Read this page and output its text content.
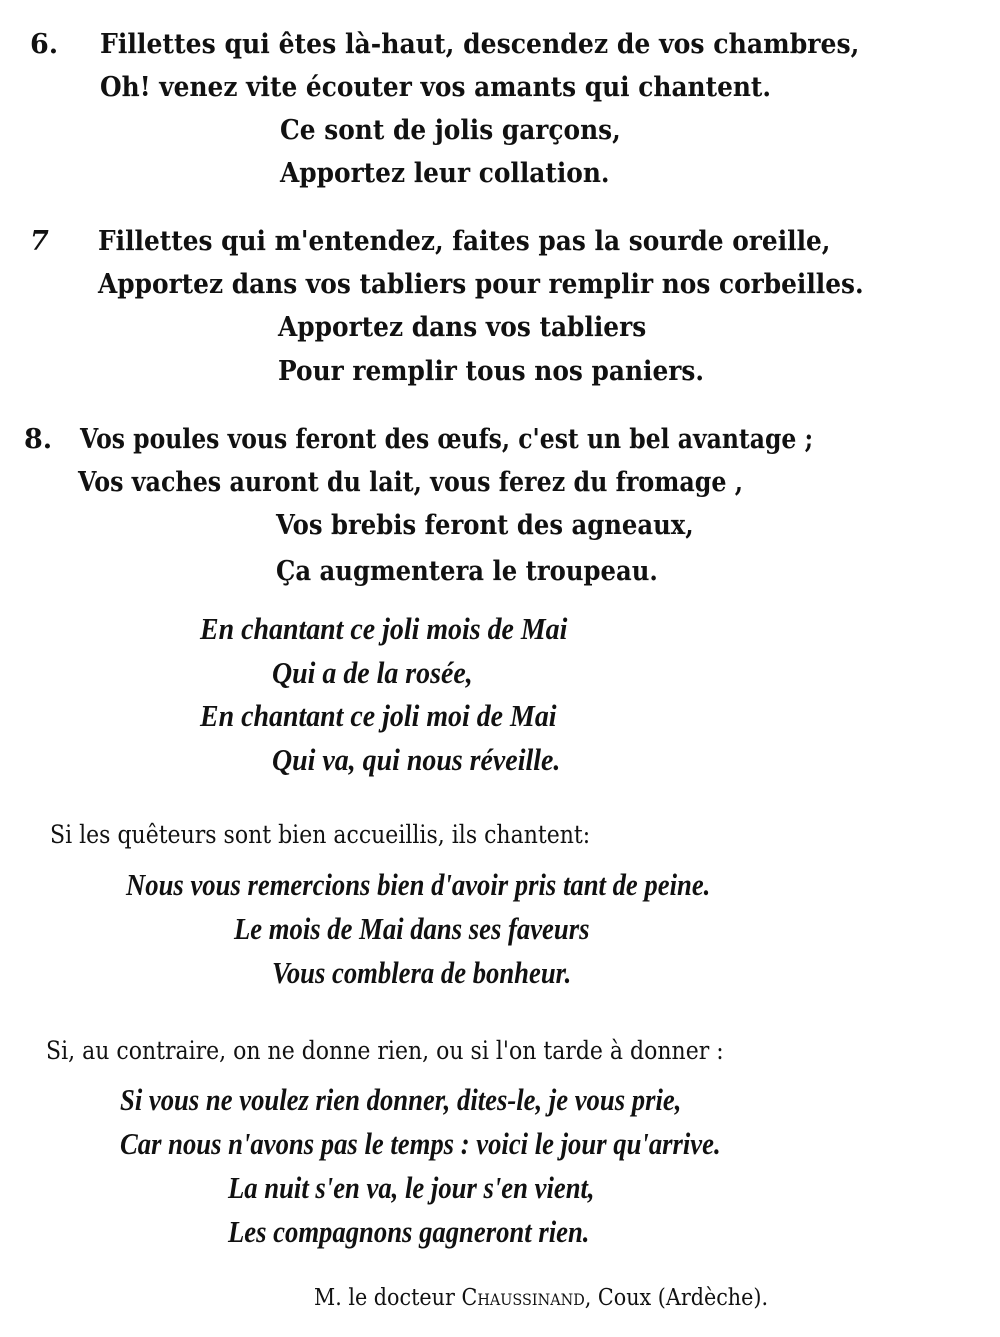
6. Fillettes qui êtes là-haut, descendez de vos chambres,
Oh! venez vite écouter vos amants qui chantent.
Ce sont de jolis garçons,
Apportez leur collation.
7 Fillettes qui m'entendez, faites pas la sourde oreille,
Apportez dans vos tabliers pour remplir nos corbeilles.
Apportez dans vos tabliers
Pour remplir tous nos paniers.
8. Vos poules vous feront des œufs, c'est un bel avantage ;
Vos vaches auront du lait, vous ferez du fromage ,
Vos brebis feront des agneaux,
Ça augmentera le troupeau.
En chantant ce joli mois de Mai
Qui a de la rosée,
En chantant ce joli moi de Mai
Qui va, qui nous réveille.
Si les quêteurs sont bien accueillis, ils chantent:
Nous vous remercions bien d'avoir pris tant de peine.
Le mois de Mai dans ses faveurs
Vous comblera de bonheur.
Si, au contraire, on ne donne rien, ou si l'on tarde à donner :
Si vous ne voulez rien donner, dites-le, je vous prie,
Car nous n'avons pas le temps : voici le jour qu'arrive.
La nuit s'en va, le jour s'en vient,
Les compagnons gagneront rien.
M. le docteur Chaussinand, Coux (Ardèche).
